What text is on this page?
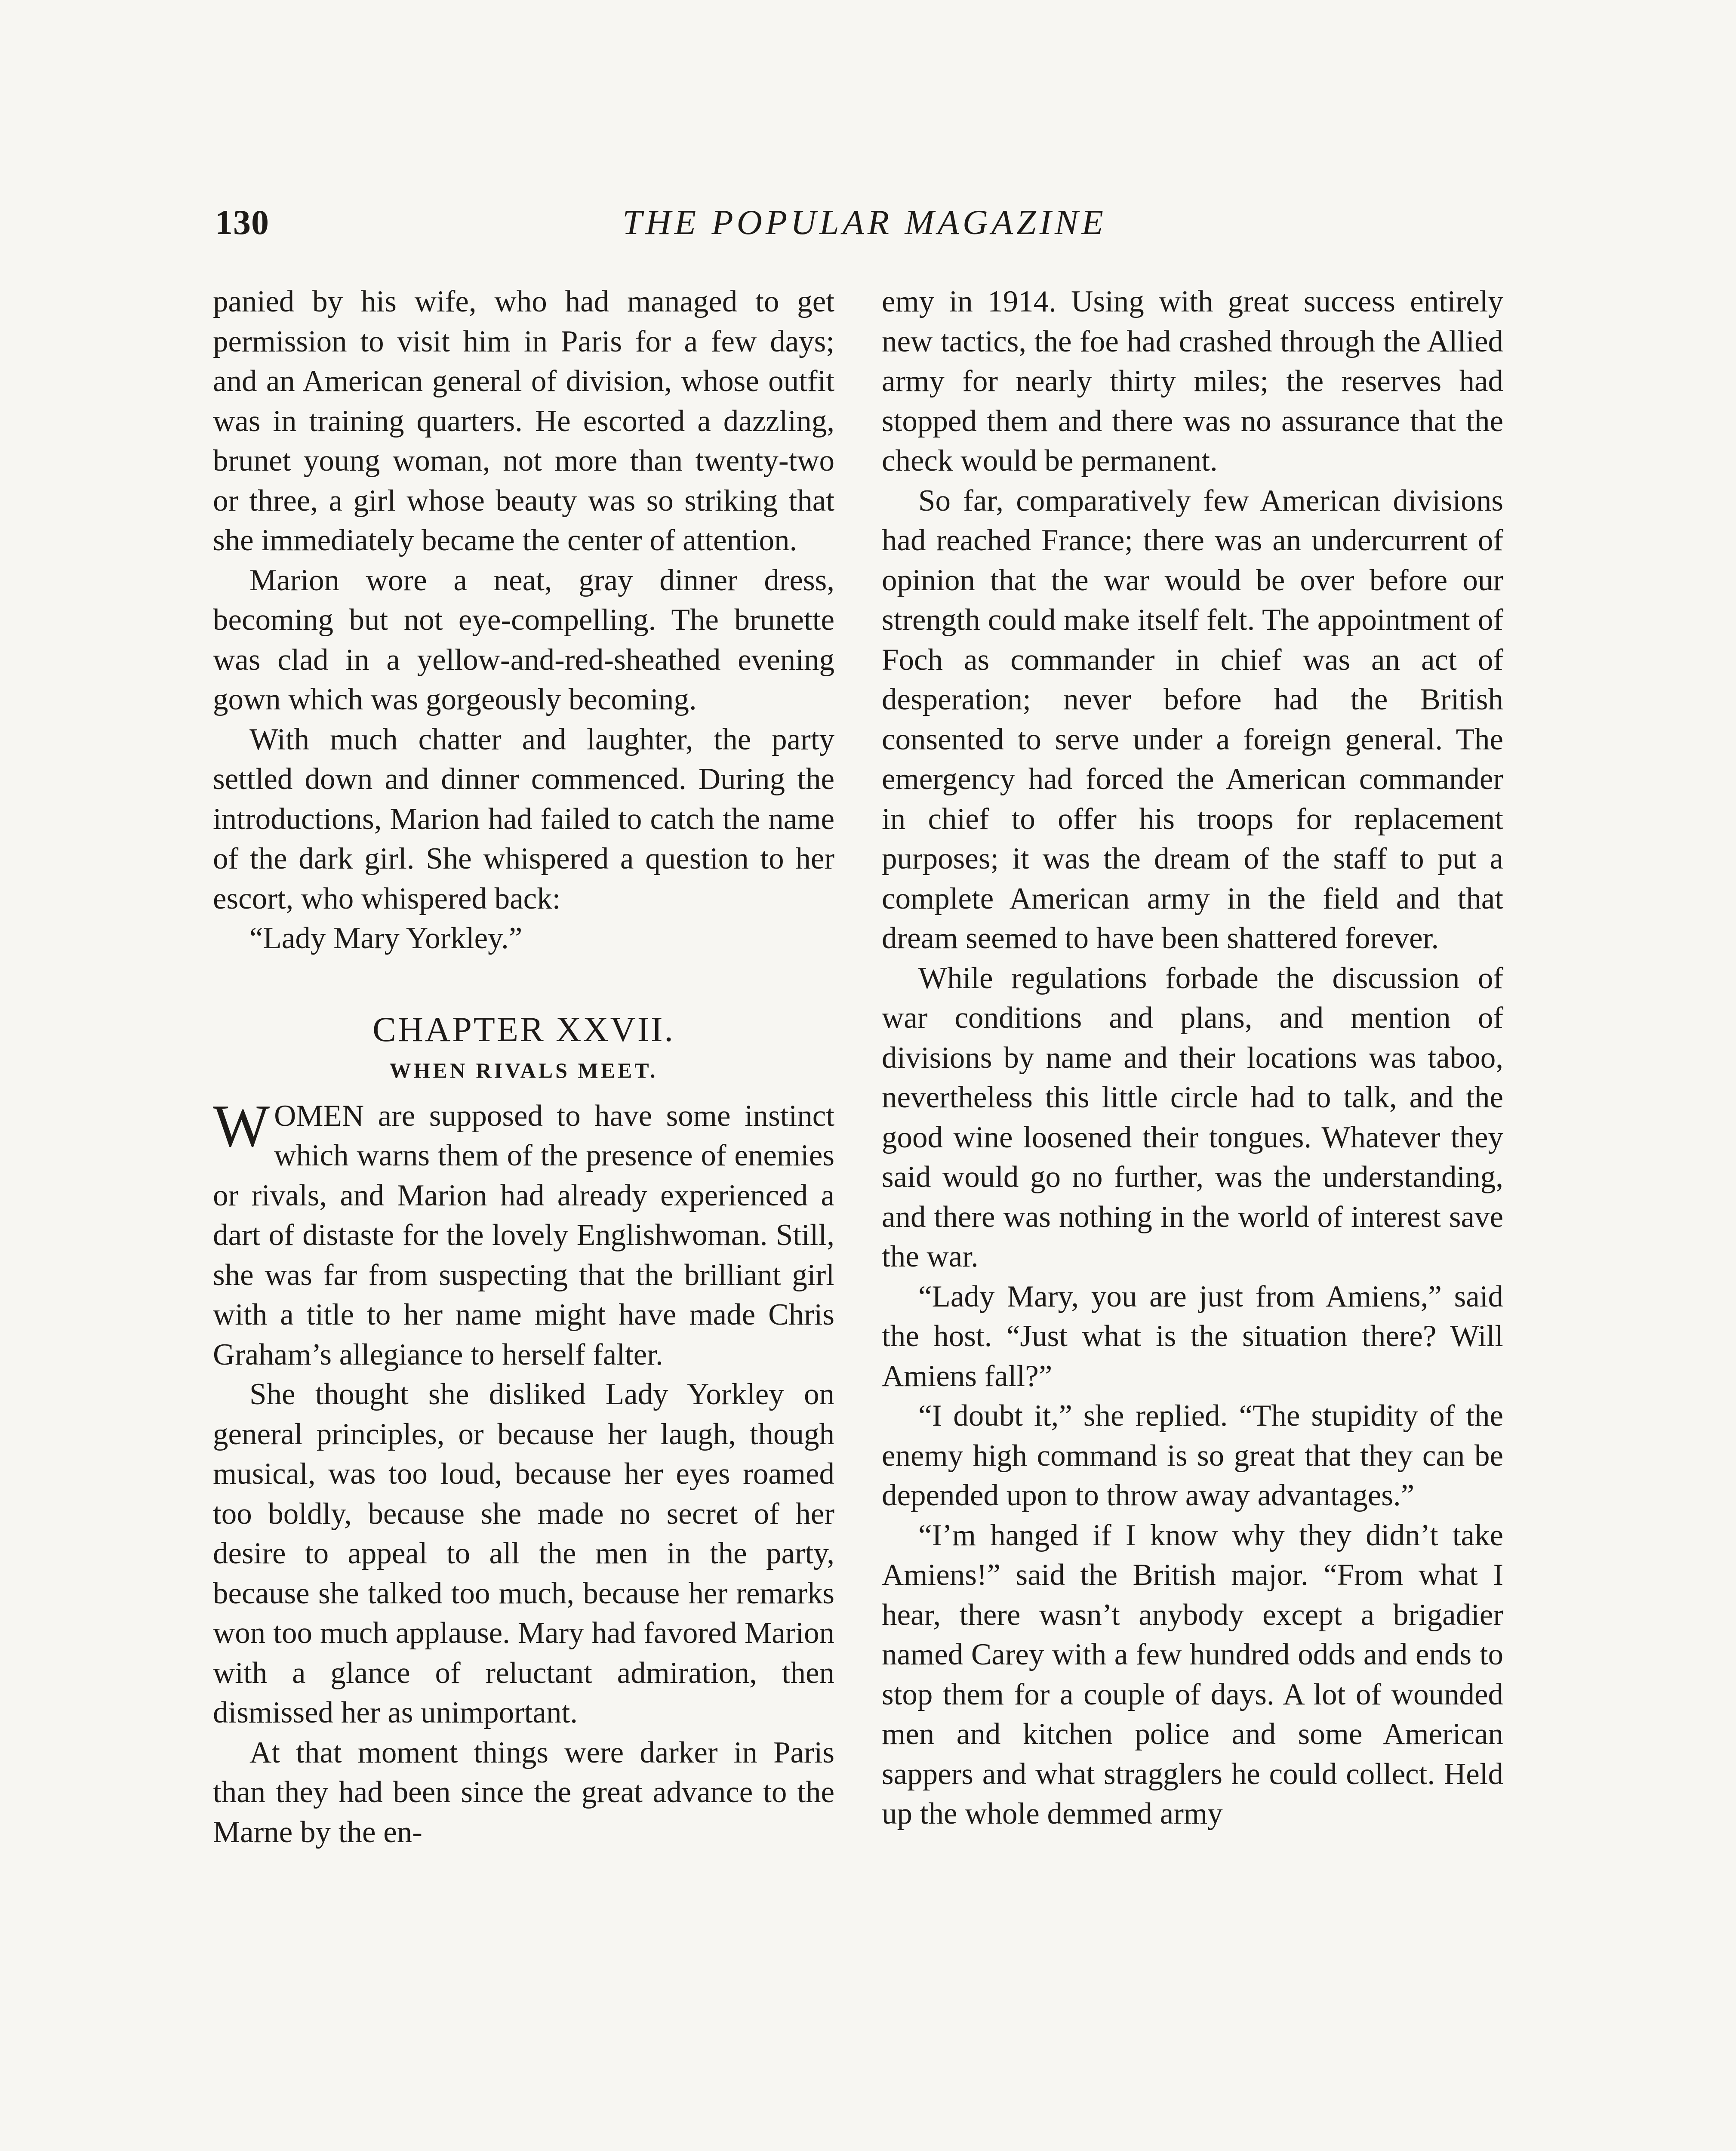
130	THE POPULAR MAGAZINE

panied by his wife, who had managed to get permission to visit him in Paris for a few days; and an American general of division, whose outfit was in training quarters. He escorted a dazzling, brunet young woman, not more than twenty-two or three, a girl whose beauty was so striking that she immediately became the center of attention.

Marion wore a neat, gray dinner dress, becoming but not eye-compelling. The brunette was clad in a yellow-and-red-sheathed evening gown which was gorgeously becoming.

With much chatter and laughter, the party settled down and dinner commenced. During the introductions, Marion had failed to catch the name of the dark girl. She whispered a question to her escort, who whispered back:

“Lady Mary Yorkley.”

CHAPTER XXVII.
WHEN RIVALS MEET.

WOMEN are supposed to have some instinct which warns them of the presence of enemies or rivals, and Marion had already experienced a dart of distaste for the lovely Englishwoman. Still, she was far from suspecting that the brilliant girl with a title to her name might have made Chris Graham’s allegiance to herself falter.

She thought she disliked Lady Yorkley on general principles, or because her laugh, though musical, was too loud, because her eyes roamed too boldly, because she made no secret of her desire to appeal to all the men in the party, because she talked too much, because her remarks won too much applause. Mary had favored Marion with a glance of reluctant admiration, then dismissed her as unimportant.

At that moment things were darker in Paris than they had been since the great advance to the Marne by the en-

emy in 1914. Using with great success entirely new tactics, the foe had crashed through the Allied army for nearly thirty miles; the reserves had stopped them and there was no assurance that the check would be permanent.

So far, comparatively few American divisions had reached France; there was an undercurrent of opinion that the war would be over before our strength could make itself felt. The appointment of Foch as commander in chief was an act of desperation; never before had the British consented to serve under a foreign general. The emergency had forced the American commander in chief to offer his troops for replacement purposes; it was the dream of the staff to put a complete American army in the field and that dream seemed to have been shattered forever.

While regulations forbade the discussion of war conditions and plans, and mention of divisions by name and their locations was taboo, nevertheless this little circle had to talk, and the good wine loosened their tongues. Whatever they said would go no further, was the understanding, and there was nothing in the world of interest save the war.

“Lady Mary, you are just from Amiens,” said the host. “Just what is the situation there? Will Amiens fall?”

“I doubt it,” she replied. “The stupidity of the enemy high command is so great that they can be depended upon to throw away advantages.”

“I’m hanged if I know why they didn’t take Amiens!” said the British major. “From what I hear, there wasn’t anybody except a brigadier named Carey with a few hundred odds and ends to stop them for a couple of days. A lot of wounded men and kitchen police and some American sappers and what stragglers he could collect. Held up the whole demmed army
